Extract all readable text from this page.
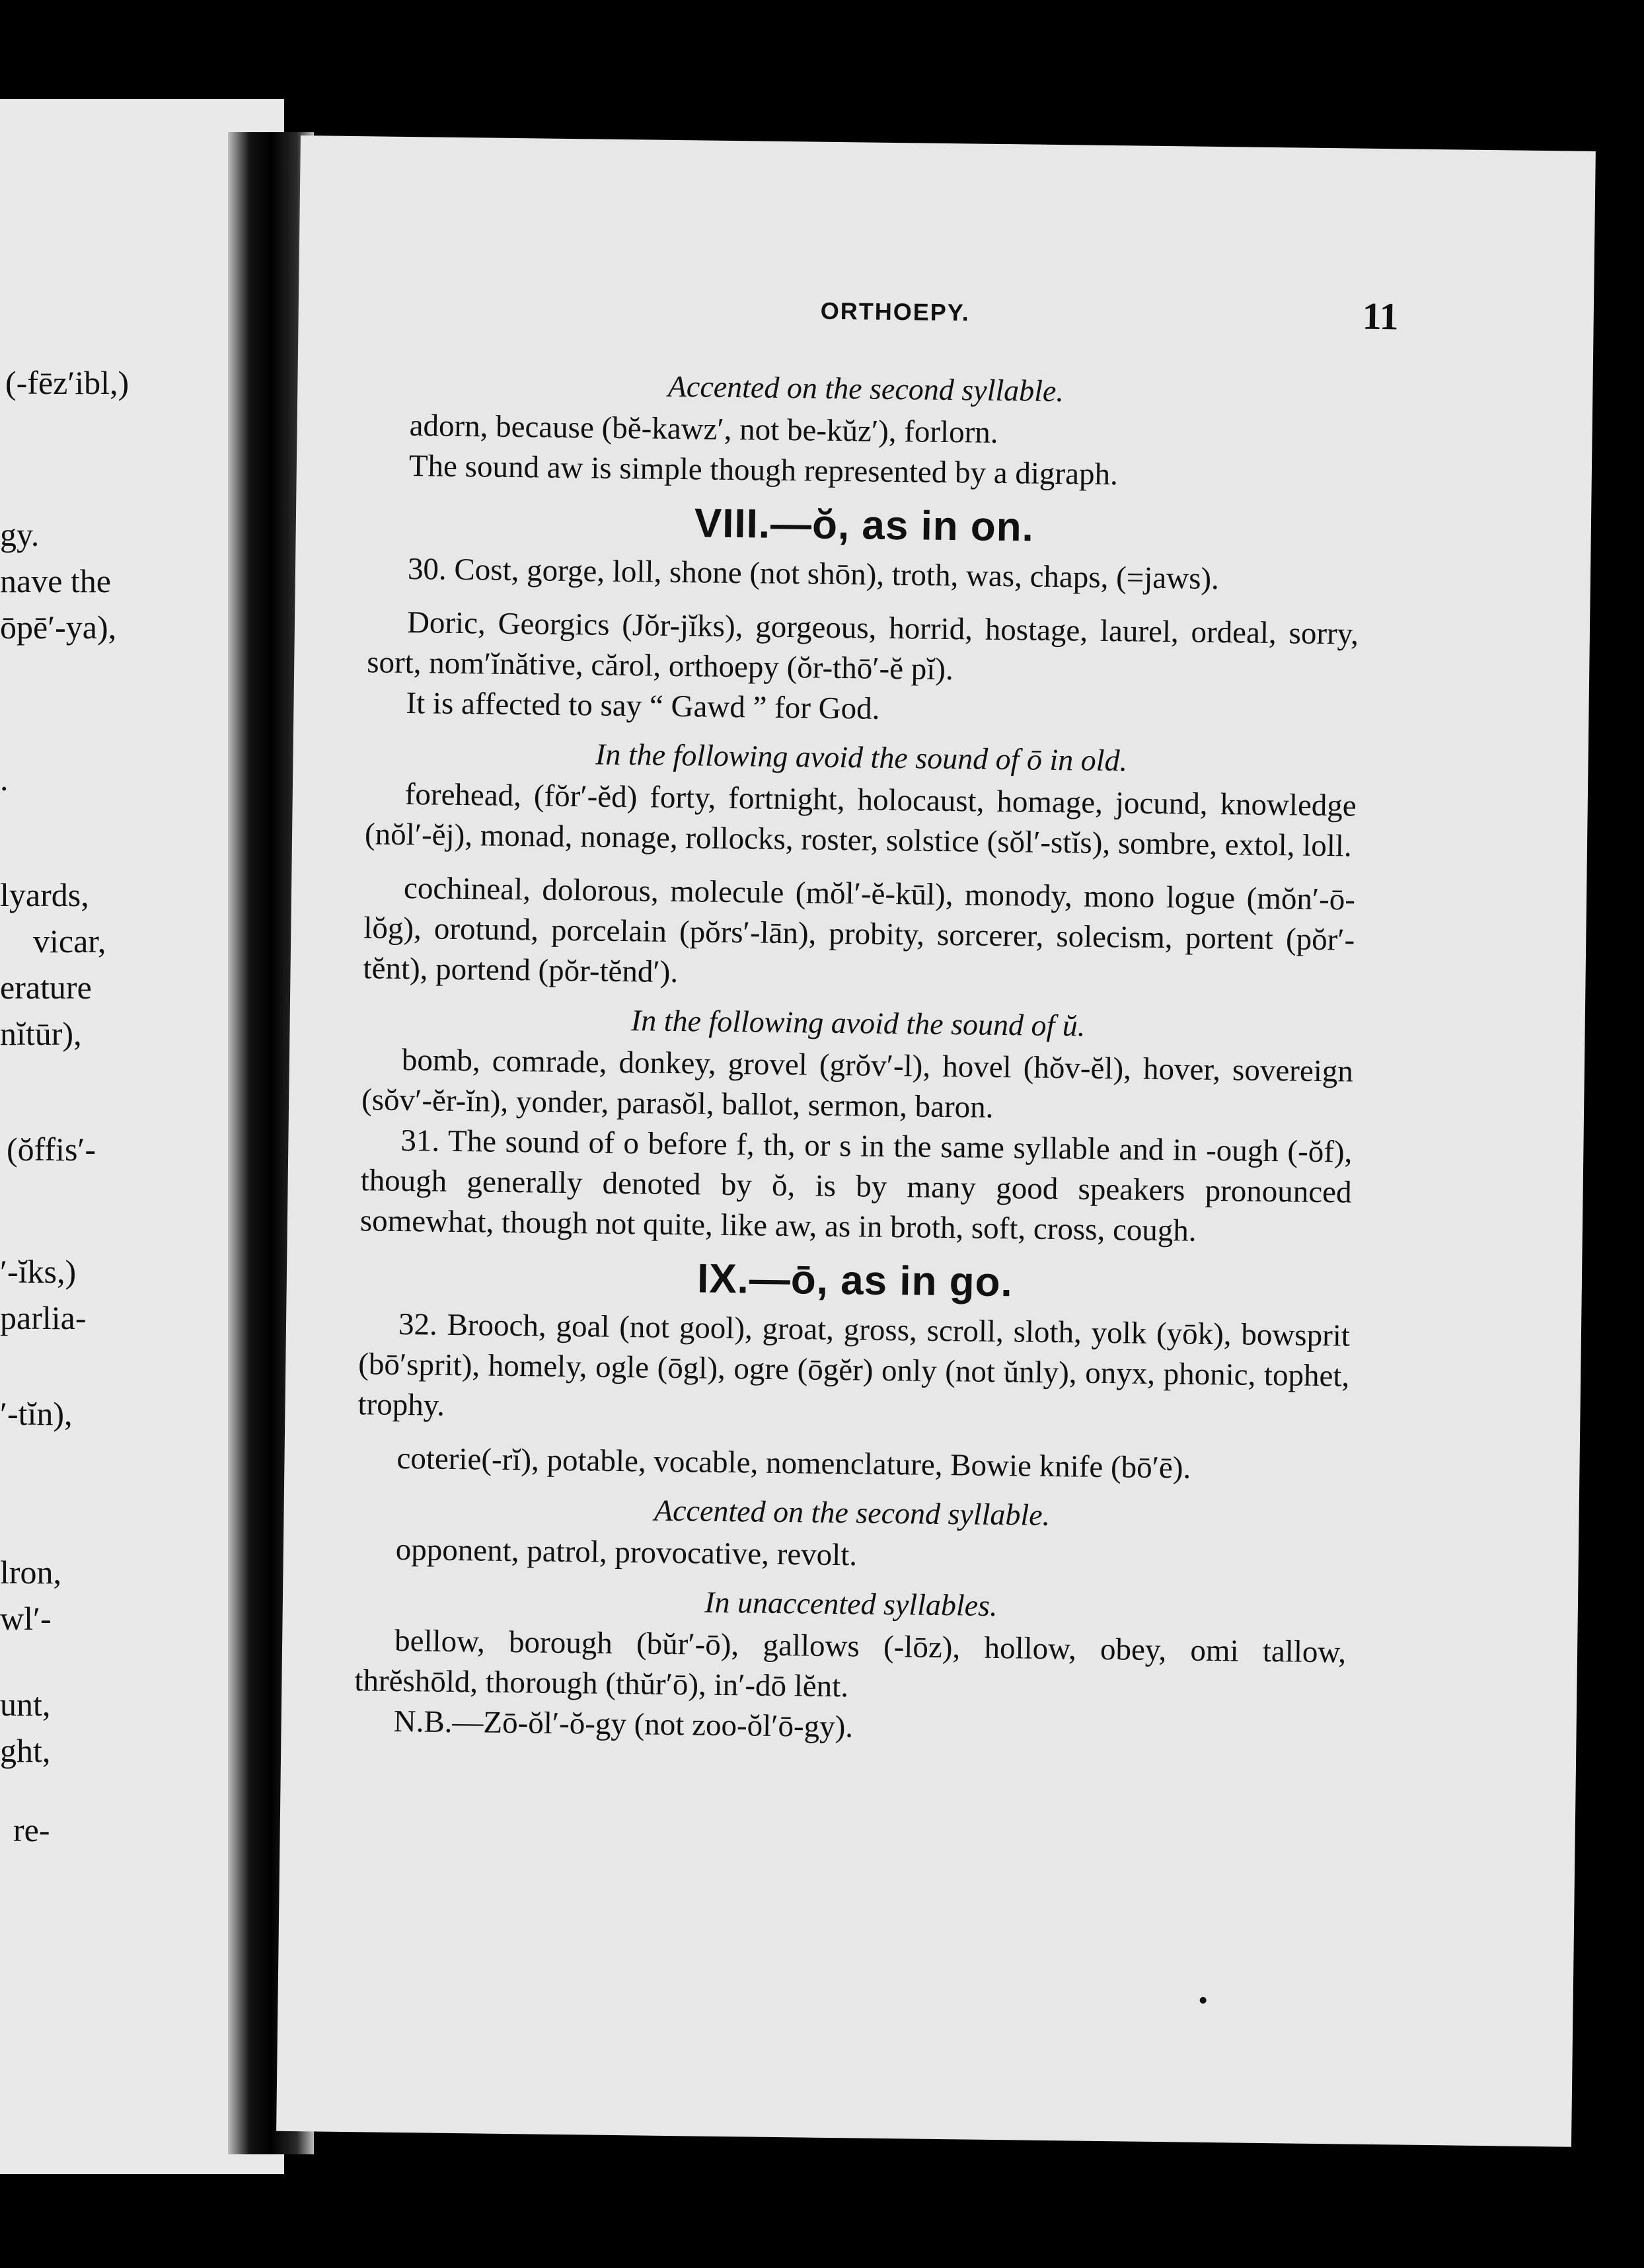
(-fēz′ibl,)
gy.
nave the
ōpē′-ya),
.
lyards,
vicar,
erature
nĭtūr),
(ŏffis′-
′-ĭks,)
parlia-
′-tĭn),
lron,
wl′-
unt,
ght,
re-
ORTHOEPY.	11
Accented on the second syllable.

adorn, because (bĕ-kawz′, not be-kŭz′), forlorn.

The sound aw is simple though represented by a digraph.

VIII.—ŏ, as in on.

30. Cost, gorge, loll, shone (not shōn), troth, was, chaps, (=jaws).

Doric, Georgics (Jŏr-jĭks), gorgeous, horrid, hostage, laurel, ordeal, sorry, sort, nom′ĭnătive, cărol, orthoepy (ŏr-thō′-ĕ pĭ).

It is affected to say “ Gawd ” for God.

In the following avoid the sound of ō in old.

forehead, (fŏr′-ĕd) forty, fortnight, holocaust, homage, jocund, knowledge (nŏl′-ĕj), monad, nonage, rollocks, roster, solstice (sŏl′-stĭs), sombre, extol, loll.

cochineal, dolorous, molecule (mŏl′-ĕ-kūl), monody, mono logue (mŏn′-ō-lŏg), orotund, porcelain (pŏrs′-lān), probity, sorcerer, solecism, portent (pŏr′-tĕnt), portend (pŏr-tĕnd′).

In the following avoid the sound of ŭ.

bomb, comrade, donkey, grovel (grŏv′-l), hovel (hŏv-ĕl), hover, sovereign (sŏv′-ĕr-ĭn), yonder, parasŏl, ballot, sermon, baron.

31. The sound of o before f, th, or s in the same syllable and in -ough (-ŏf), though generally denoted by ŏ, is by many good speakers pronounced somewhat, though not quite, like aw, as in broth, soft, cross, cough.

IX.—ō, as in go.

32. Brooch, goal (not gool), groat, gross, scroll, sloth, yolk (yōk), bowsprit (bō′sprit), homely, ogle (ōgl), ogre (ōgĕr) only (not ŭnly), onyx, phonic, tophet, trophy.

coterie(-rĭ), potable, vocable, nomenclature, Bowie knife (bō′ē).

Accented on the second syllable.

opponent, patrol, provocative, revolt.

In unaccented syllables.

bellow, borough (bŭr′-ō), gallows (-lōz), hollow, obey, omi tallow, thrĕshōld, thorough (thŭr′ō), in′-dō lĕnt.

N.B.—Zō-ŏl′-ŏ-gy (not zoo-ŏl′ō-gy).
